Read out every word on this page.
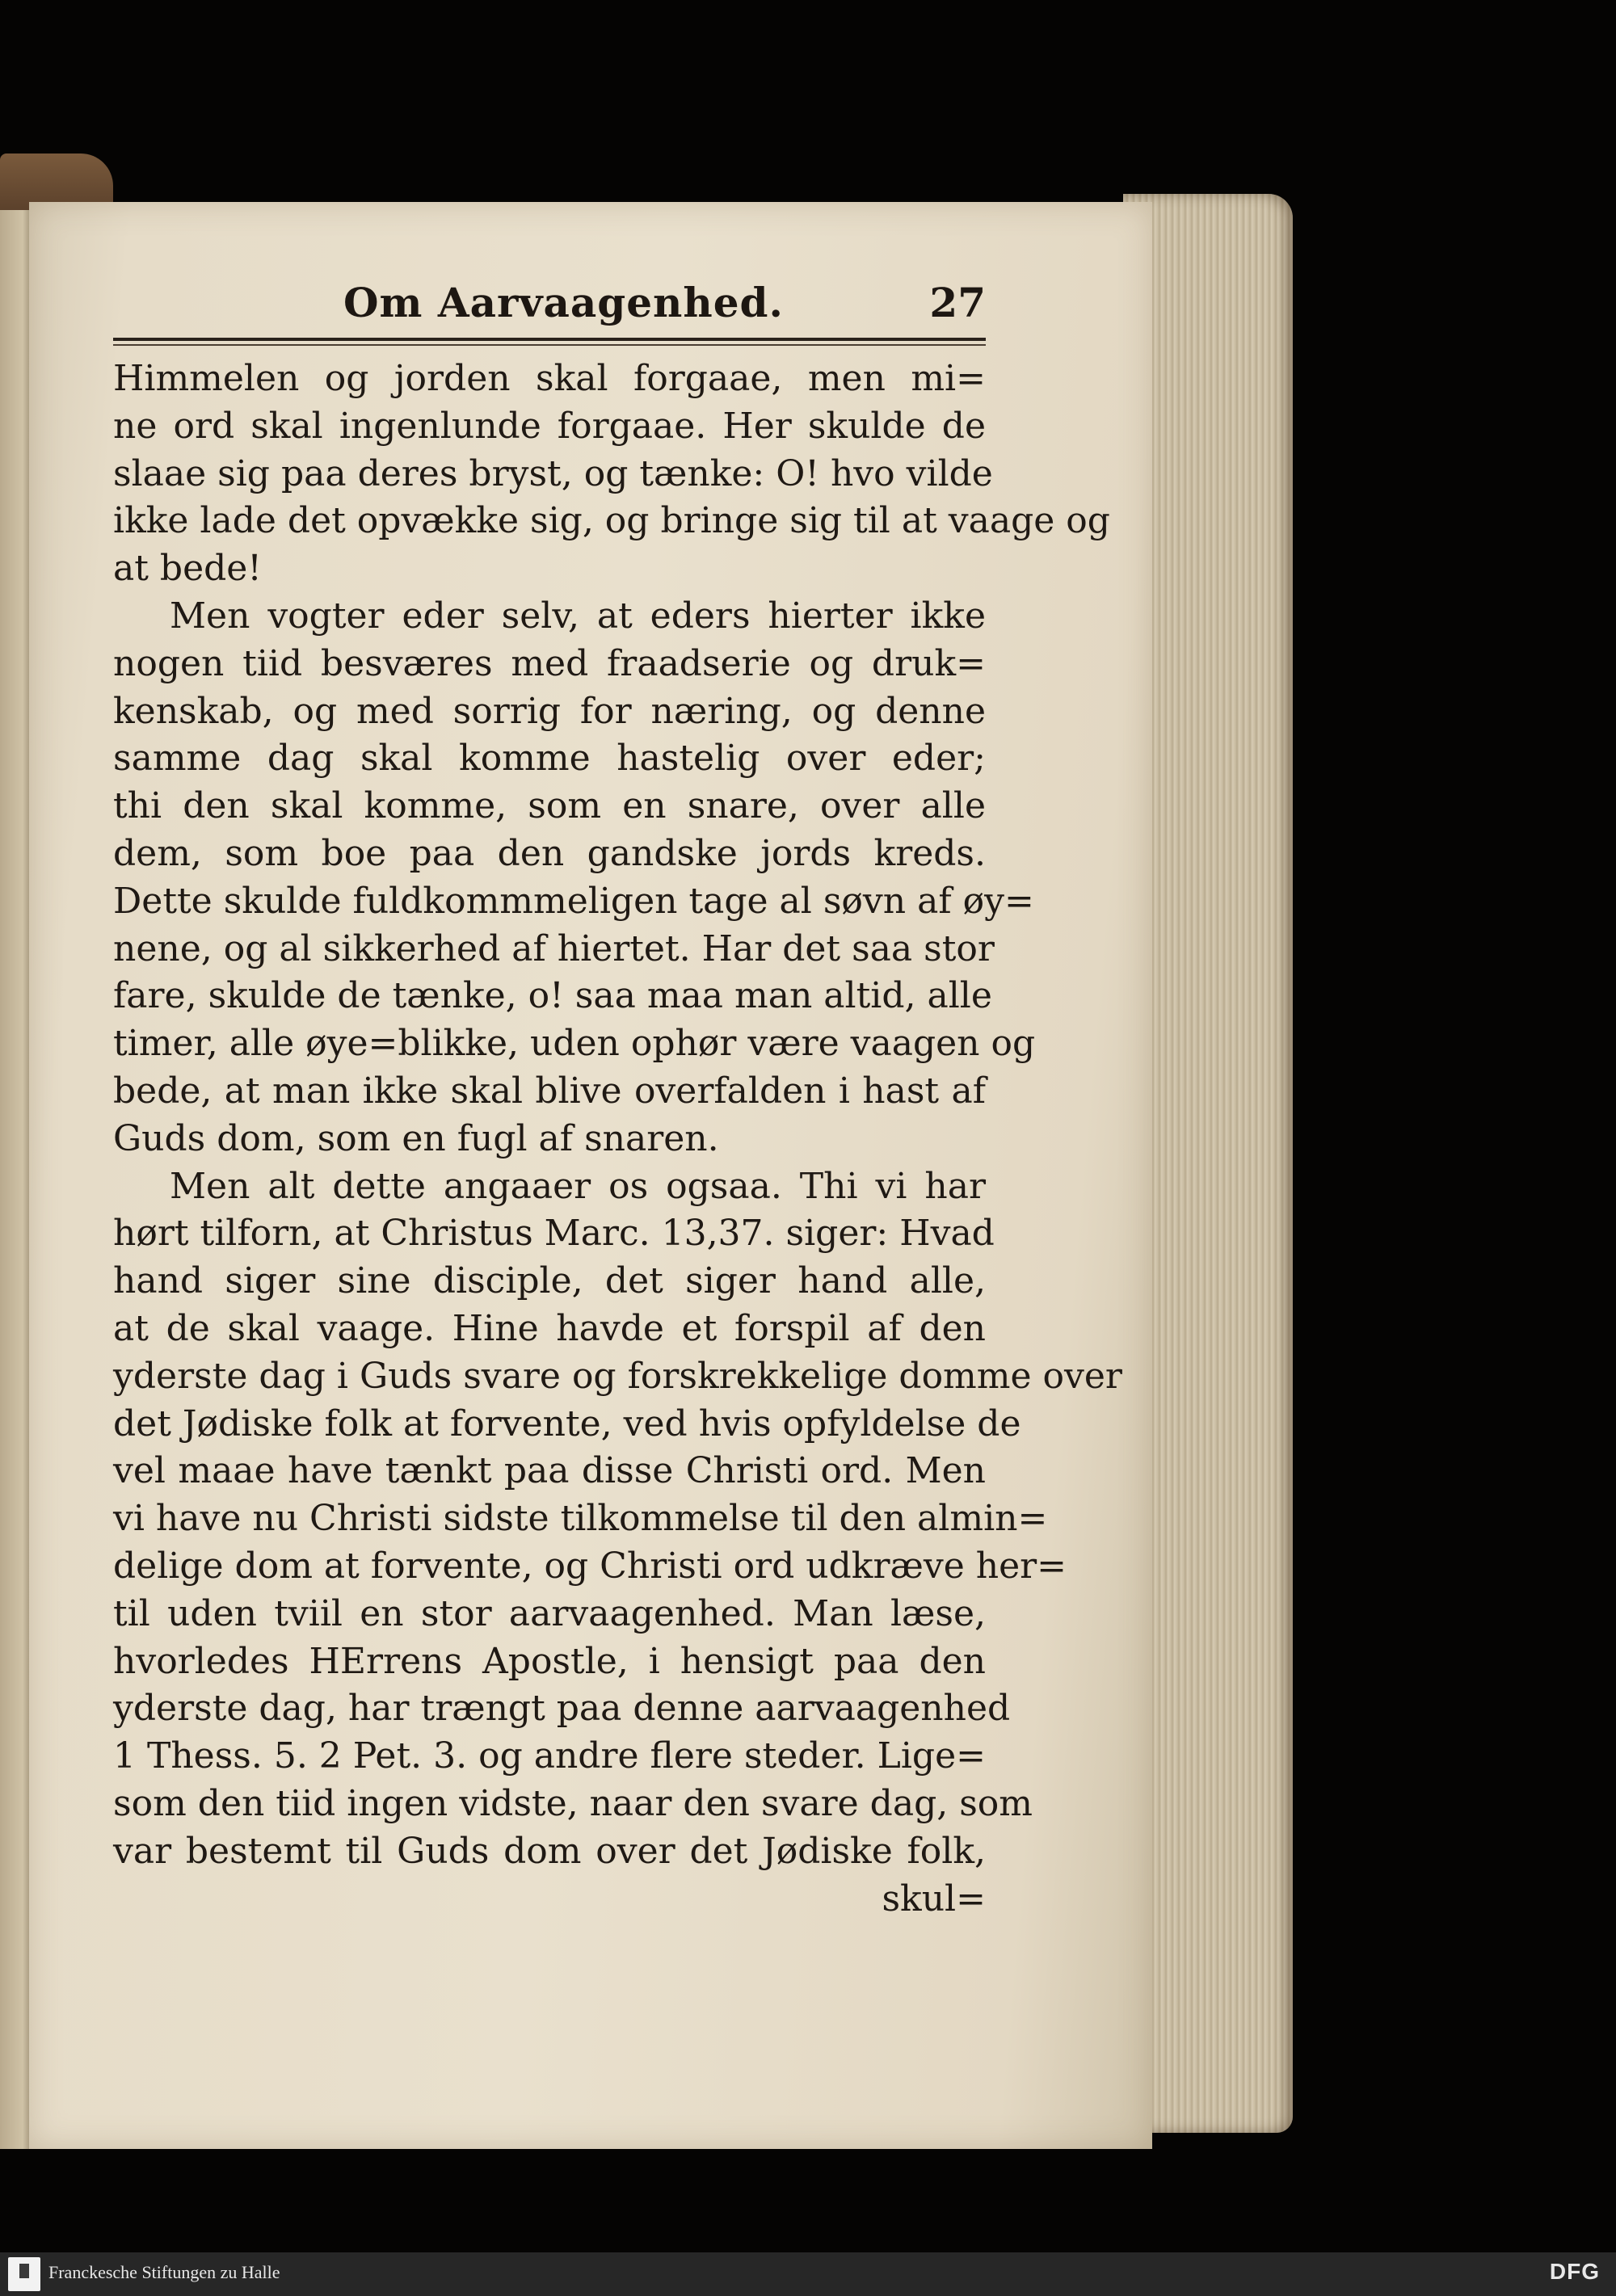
Om Aarvaagenhed.	27
Himmelen og jorden skal forgaae, men mi=
ne ord skal ingenlunde forgaae. Her skulde de
slaae sig paa deres bryst, og tænke: O! hvo vilde
ikke lade det opvække sig, og bringe sig til at vaage og
at bede!
Men vogter eder selv, at eders hierter ikke
nogen tiid besværes med fraadserie og druk=
kenskab, og med sorrig for næring, og denne
samme dag skal komme hastelig over eder;
thi den skal komme, som en snare, over alle
dem, som boe paa den gandske jords kreds.
Dette skulde fuldkommmeligen tage al søvn af øy=
nene, og al sikkerhed af hiertet. Har det saa stor
fare, skulde de tænke, o! saa maa man altid, alle
timer, alle øye=blikke, uden ophør være vaagen og
bede, at man ikke skal blive overfalden i hast af
Guds dom, som en fugl af snaren.
Men alt dette angaaer os ogsaa. Thi vi har
hørt tilforn, at Christus Marc. 13,37. siger: Hvad
hand siger sine disciple, det siger hand alle,
at de skal vaage. Hine havde et forspil af den
yderste dag i Guds svare og forskrekkelige domme over
det Jødiske folk at forvente, ved hvis opfyldelse de
vel maae have tænkt paa disse Christi ord. Men
vi have nu Christi sidste tilkommelse til den almin=
delige dom at forvente, og Christi ord udkræve her=
til uden tviil en stor aarvaagenhed. Man læse,
hvorledes HErrens Apostle, i hensigt paa den
yderste dag, har trængt paa denne aarvaagenhed
1 Thess. 5. 2 Pet. 3. og andre flere steder. Lige=
som den tiid ingen vidste, naar den svare dag, som
var bestemt til Guds dom over det Jødiske folk,
skul=
Franckesche Stiftungen zu Halle	DFG
